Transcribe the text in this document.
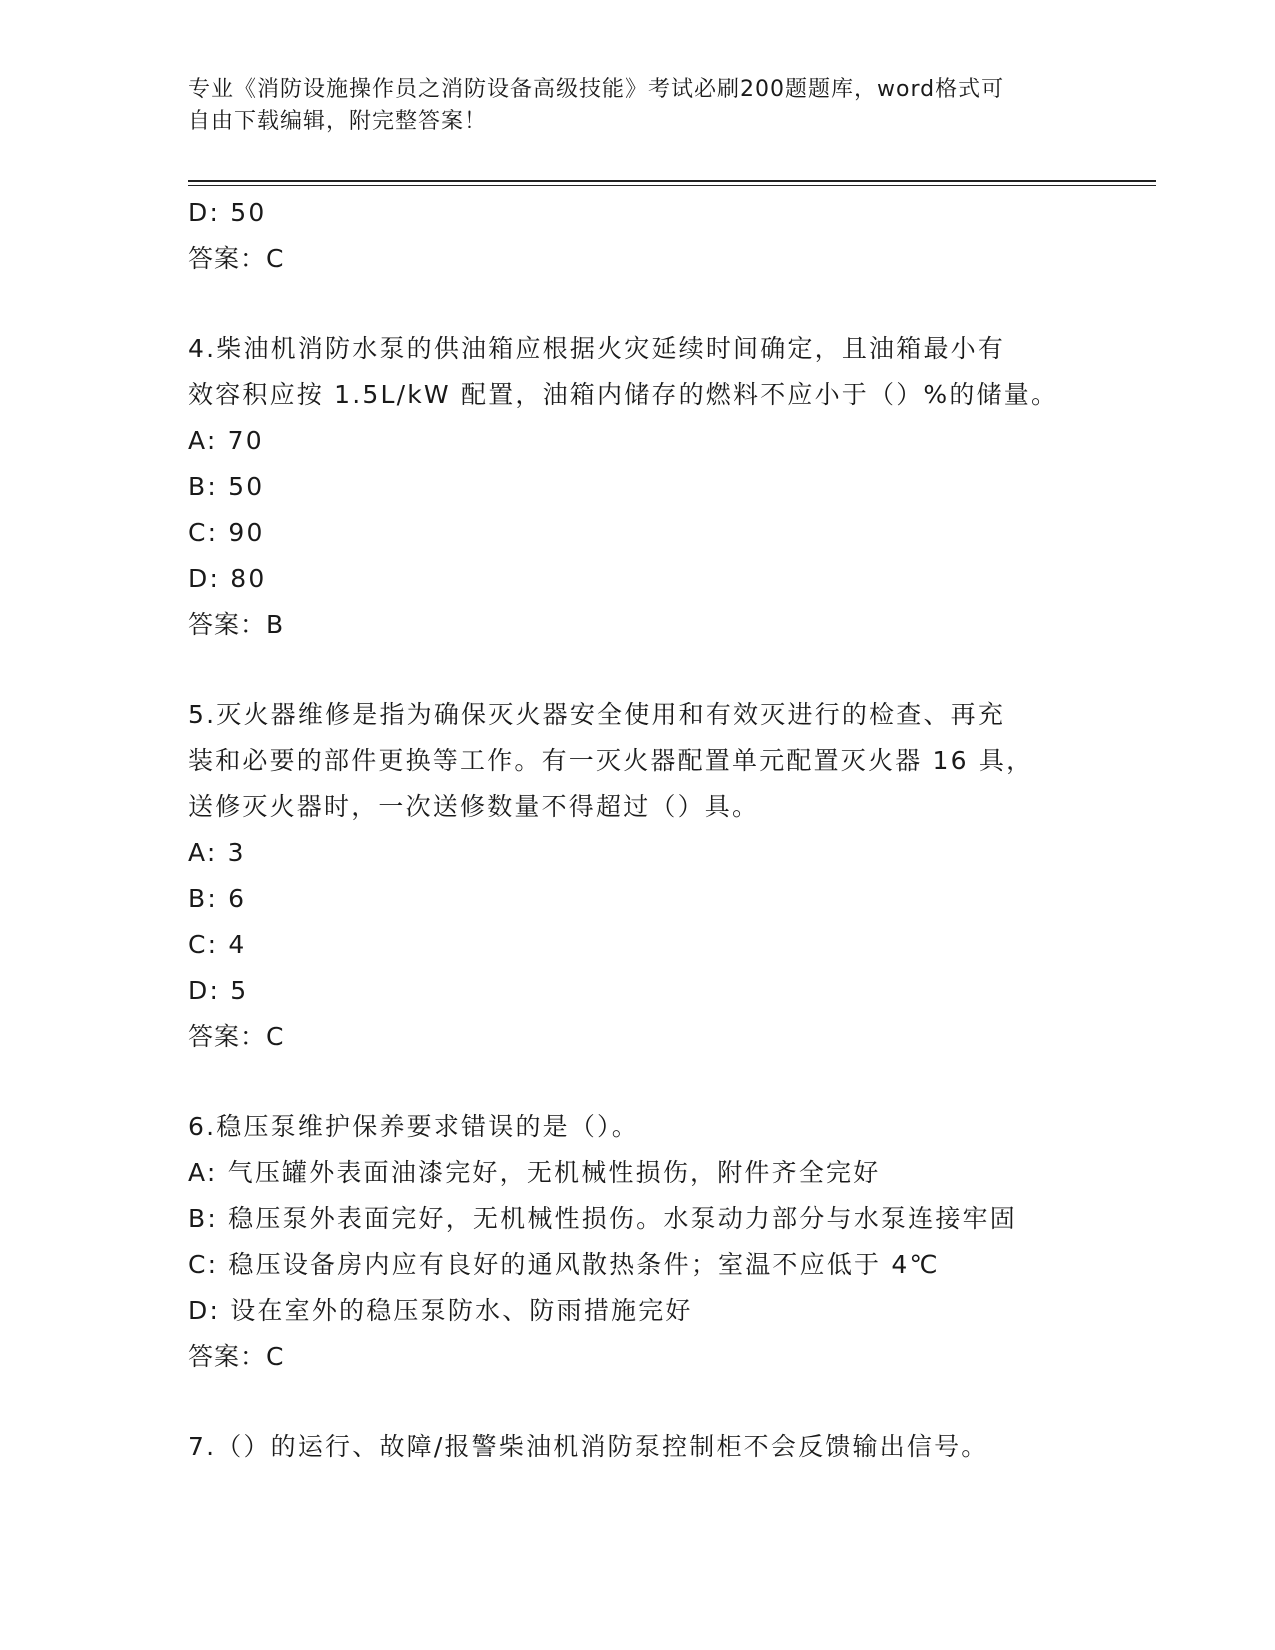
专业《消防设施操作员之消防设备高级技能》考试必刷200题题库，word格式可
自由下载编辑，附完整答案！
D: 50
答案：C
4.柴油机消防水泵的供油箱应根据火灾延续时间确定，且油箱最小有
效容积应按 1.5L/kW 配置，油箱内储存的燃料不应小于（）%的储量。
A: 70
B: 50
C: 90
D: 80
答案：B
5.灭火器维修是指为确保灭火器安全使用和有效灭进行的检查、再充
装和必要的部件更换等工作。有一灭火器配置单元配置灭火器 16 具，
送修灭火器时，一次送修数量不得超过（）具。
A: 3
B: 6
C: 4
D: 5
答案：C
6.稳压泵维护保养要求错误的是（）。
A: 气压罐外表面油漆完好，无机械性损伤，附件齐全完好
B: 稳压泵外表面完好，无机械性损伤。水泵动力部分与水泵连接牢固
C: 稳压设备房内应有良好的通风散热条件；室温不应低于 4℃
D: 设在室外的稳压泵防水、防雨措施完好
答案：C
7.（）的运行、故障/报警柴油机消防泵控制柜不会反馈输出信号。
